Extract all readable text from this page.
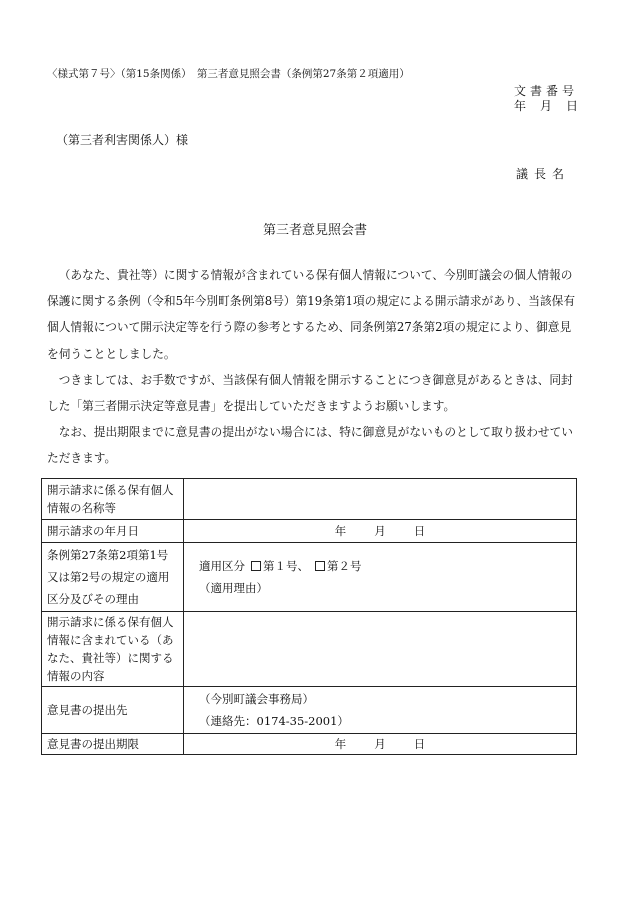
〈様式第７号〉（第15条関係）　第三者意見照会書（条例第27条第２項適用）
文書番号
年 月 日
（第三者利害関係人）様
議長名
第三者意見照会書

（あなた、貴社等）に関する情報が含まれている保有個人情報について、今別町議会の個人情報の保護に関する条例（令和5年今別町条例第8号）第19条第1項の規定による開示請求があり、当該保有個人情報について開示決定等を行う際の参考とするため、同条例第27条第2項の規定により、御意見を伺うこととしました。

つきましては、お手数ですが、当該保有個人情報を開示することにつき御意見があるときは、同封した「第三者開示決定等意見書」を提出していただきますようお願いします。

なお、提出期限までに意見書の提出がない場合には、特に御意見がないものとして取り扱わせていただきます。

開示請求に係る保有個人情報の名称等	
開示請求の年月日	年 月 日
条例第27条第2項第1号又は第2号の規定の適用区分及びその理由	適用区分 第１号、 第２号
（適用理由）

開示請求に係る保有個人情報に含まれている（あなた、貴社等）に関する情報の内容	
意見書の提出先	（今別町議会事務局）
（連絡先：0174-35-2001）

意見書の提出期限	年 月 日
